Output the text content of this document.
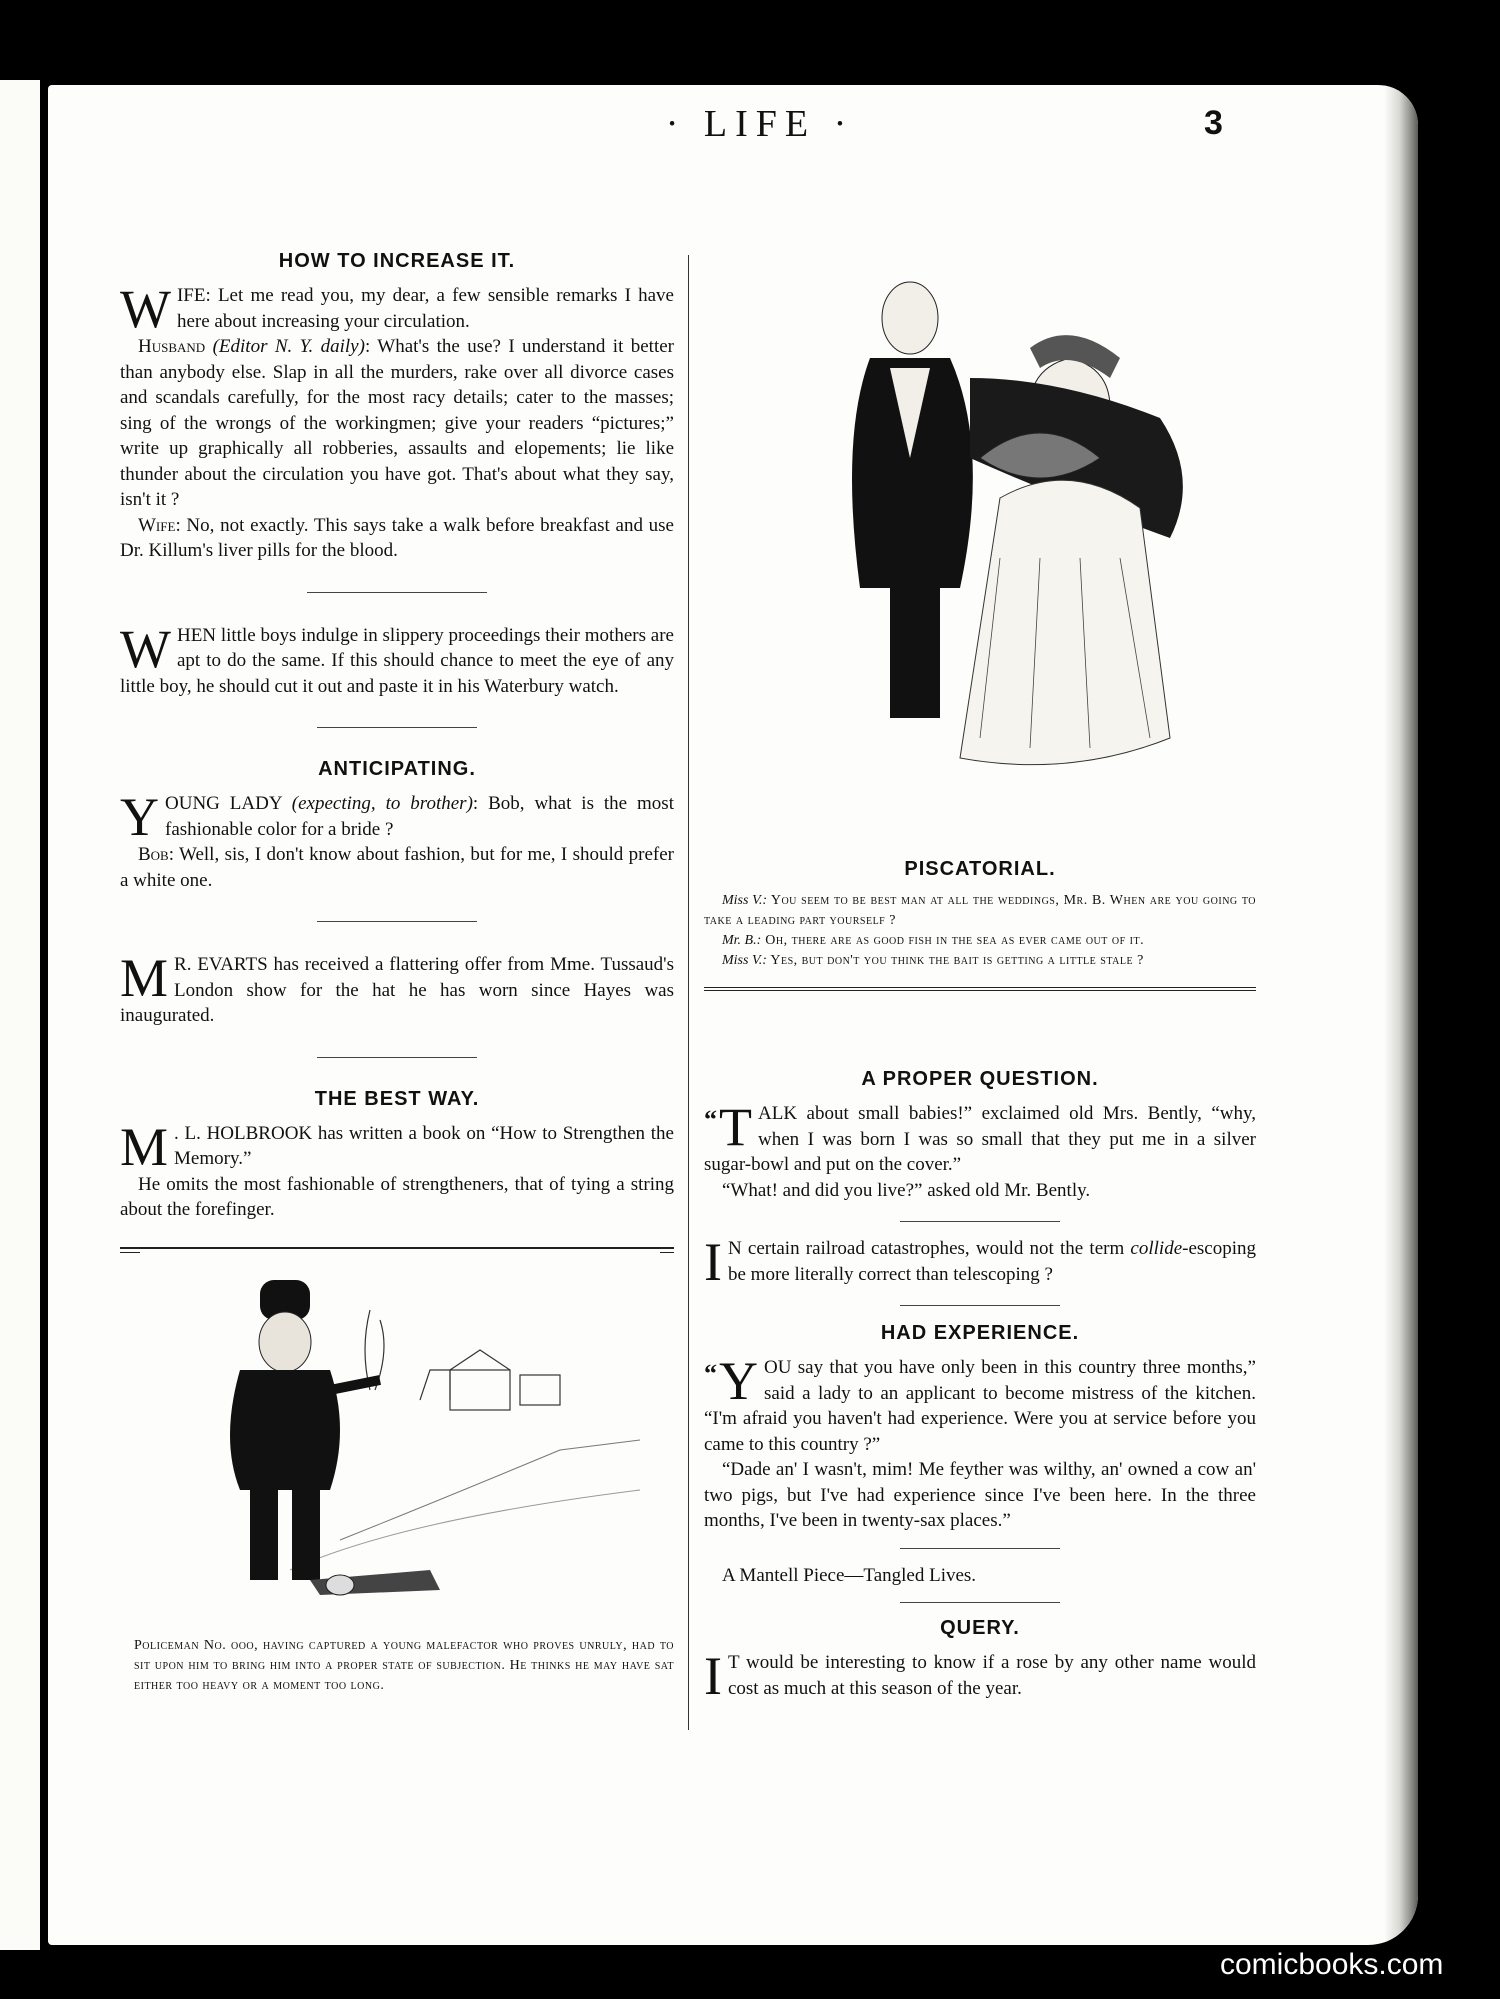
· LIFE ·	3
HOW TO INCREASE IT.

WIFE: Let me read you, my dear, a few sensible remarks I have here about increasing your circulation.

Husband (Editor N. Y. daily): What's the use? I understand it better than anybody else. Slap in all the murders, rake over all divorce cases and scandals carefully, for the most racy details; cater to the masses; sing of the wrongs of the workingmen; give your readers “pictures;” write up graphically all robberies, assaults and elopements; lie like thunder about the circulation you have got. That's about what they say, isn't it ?

Wife: No, not exactly. This says take a walk before breakfast and use Dr. Killum's liver pills for the blood.

WHEN little boys indulge in slippery proceedings their mothers are apt to do the same. If this should chance to meet the eye of any little boy, he should cut it out and paste it in his Waterbury watch.

ANTICIPATING.

YOUNG LADY (expecting, to brother): Bob, what is the most fashionable color for a bride ?

Bob: Well, sis, I don't know about fashion, but for me, I should prefer a white one.

M R. EVARTS has received a flattering offer from Mme. Tussaud's London show for the hat he has worn since Hayes was inaugurated.

THE BEST WAY.

M . L. HOLBROOK has written a book on “How to Strengthen the Memory.”

He omits the most fashionable of strengtheners, that of tying a string about the forefinger.

Policeman No. ooo, having captured a young malefactor who proves unruly, had to sit upon him to bring him into a proper state of subjection. He thinks he may have sat either too heavy or a moment too long.

PISCATORIAL.

Miss V.: You seem to be best man at all the weddings, Mr. B. When are you going to take a leading part yourself ?

Mr. B.: Oh, there are as good fish in the sea as ever came out of it.

Miss V.: Yes, but don't you think the bait is getting a little stale ?

A PROPER QUESTION.

“ T ALK about small babies!” exclaimed old Mrs. Bently, “why, when I was born I was so small that they put me in a silver sugar-bowl and put on the cover.”

“What! and did you live?” asked old Mr. Bently.

I N certain railroad catastrophes, would not the term collide-escoping be more literally correct than telescoping ?

HAD EXPERIENCE.

“ Y OU say that you have only been in this country three months,” said a lady to an applicant to become mistress of the kitchen. “I'm afraid you haven't had experience. Were you at service before you came to this country ?”

“Dade an' I wasn't, mim! Me feyther was wilthy, an' owned a cow an' two pigs, but I've had experience since I've been here. In the three months, I've been in twenty-sax places.”

A Mantell Piece—Tangled Lives.

QUERY.

I T would be interesting to know if a rose by any other name would cost as much at this season of the year.

comicbooks.com
